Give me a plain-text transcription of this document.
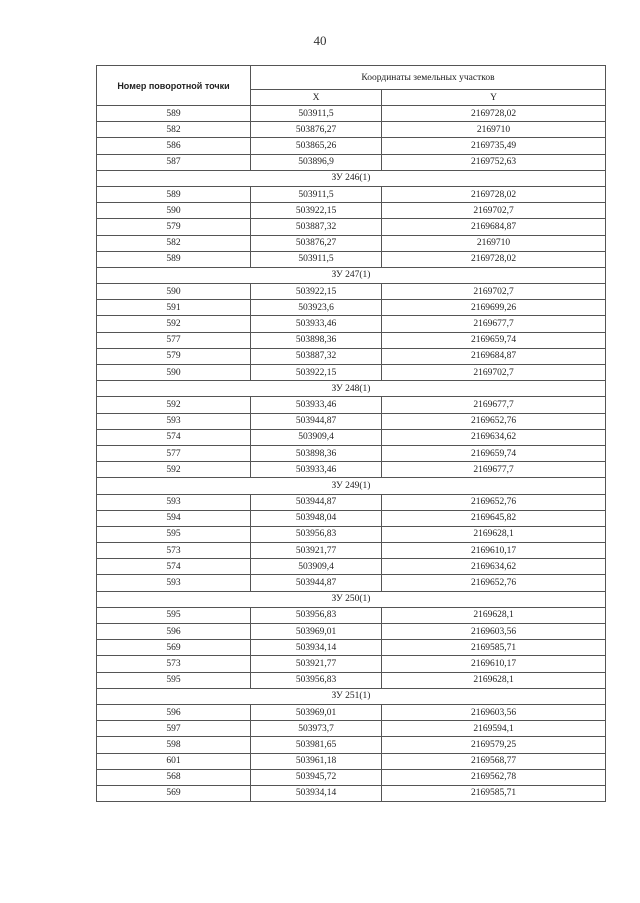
40
Номер поворотной точки	Координаты земельных участков	
	X	Y
589	503911,5	2169728,02
582	503876,27	2169710
586	503865,26	2169735,49
587	503896,9	2169752,63
ЗУ 246(1)		
589	503911,5	2169728,02
590	503922,15	2169702,7
579	503887,32	2169684,87
582	503876,27	2169710
589	503911,5	2169728,02
ЗУ 247(1)		
590	503922,15	2169702,7
591	503923,6	2169699,26
592	503933,46	2169677,7
577	503898,36	2169659,74
579	503887,32	2169684,87
590	503922,15	2169702,7
ЗУ 248(1)		
592	503933,46	2169677,7
593	503944,87	2169652,76
574	503909,4	2169634,62
577	503898,36	2169659,74
592	503933,46	2169677,7
ЗУ 249(1)		
593	503944,87	2169652,76
594	503948,04	2169645,82
595	503956,83	2169628,1
573	503921,77	2169610,17
574	503909,4	2169634,62
593	503944,87	2169652,76
ЗУ 250(1)		
595	503956,83	2169628,1
596	503969,01	2169603,56
569	503934,14	2169585,71
573	503921,77	2169610,17
595	503956,83	2169628,1
ЗУ 251(1)		
596	503969,01	2169603,56
597	503973,7	2169594,1
598	503981,65	2169579,25
601	503961,18	2169568,77
568	503945,72	2169562,78
569	503934,14	2169585,71
